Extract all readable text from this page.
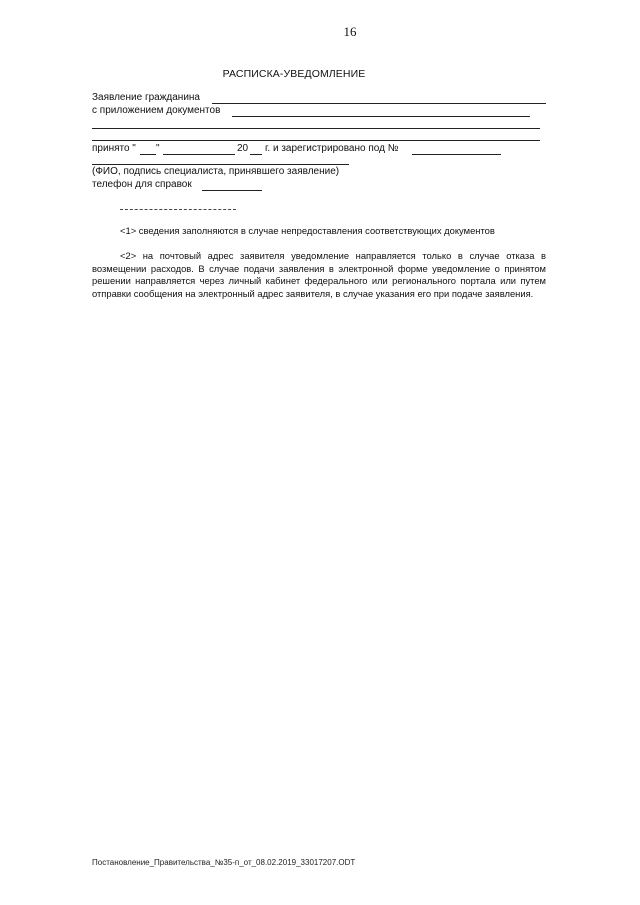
16
РАСПИСКА-УВЕДОМЛЕНИЕ
Заявление гражданина
с приложением документов
принято " "	20 г. и зарегистрировано под №
(ФИО, подпись специалиста, принявшего заявление)
телефон для справок
<1> сведения заполняются в случае непредоставления соответствующих документов
<2> на почтовый адрес заявителя уведомление направляется только в случае отказа в возмещении расходов. В случае подачи заявления в электронной форме уведомление о принятом решении направляется через личный кабинет федерального или регионального портала или путем отправки сообщения на электронный адрес заявителя, в случае указания его при подаче заявления.
Постановление_Правительства_№35-п_от_08.02.2019_33017207.ODT
